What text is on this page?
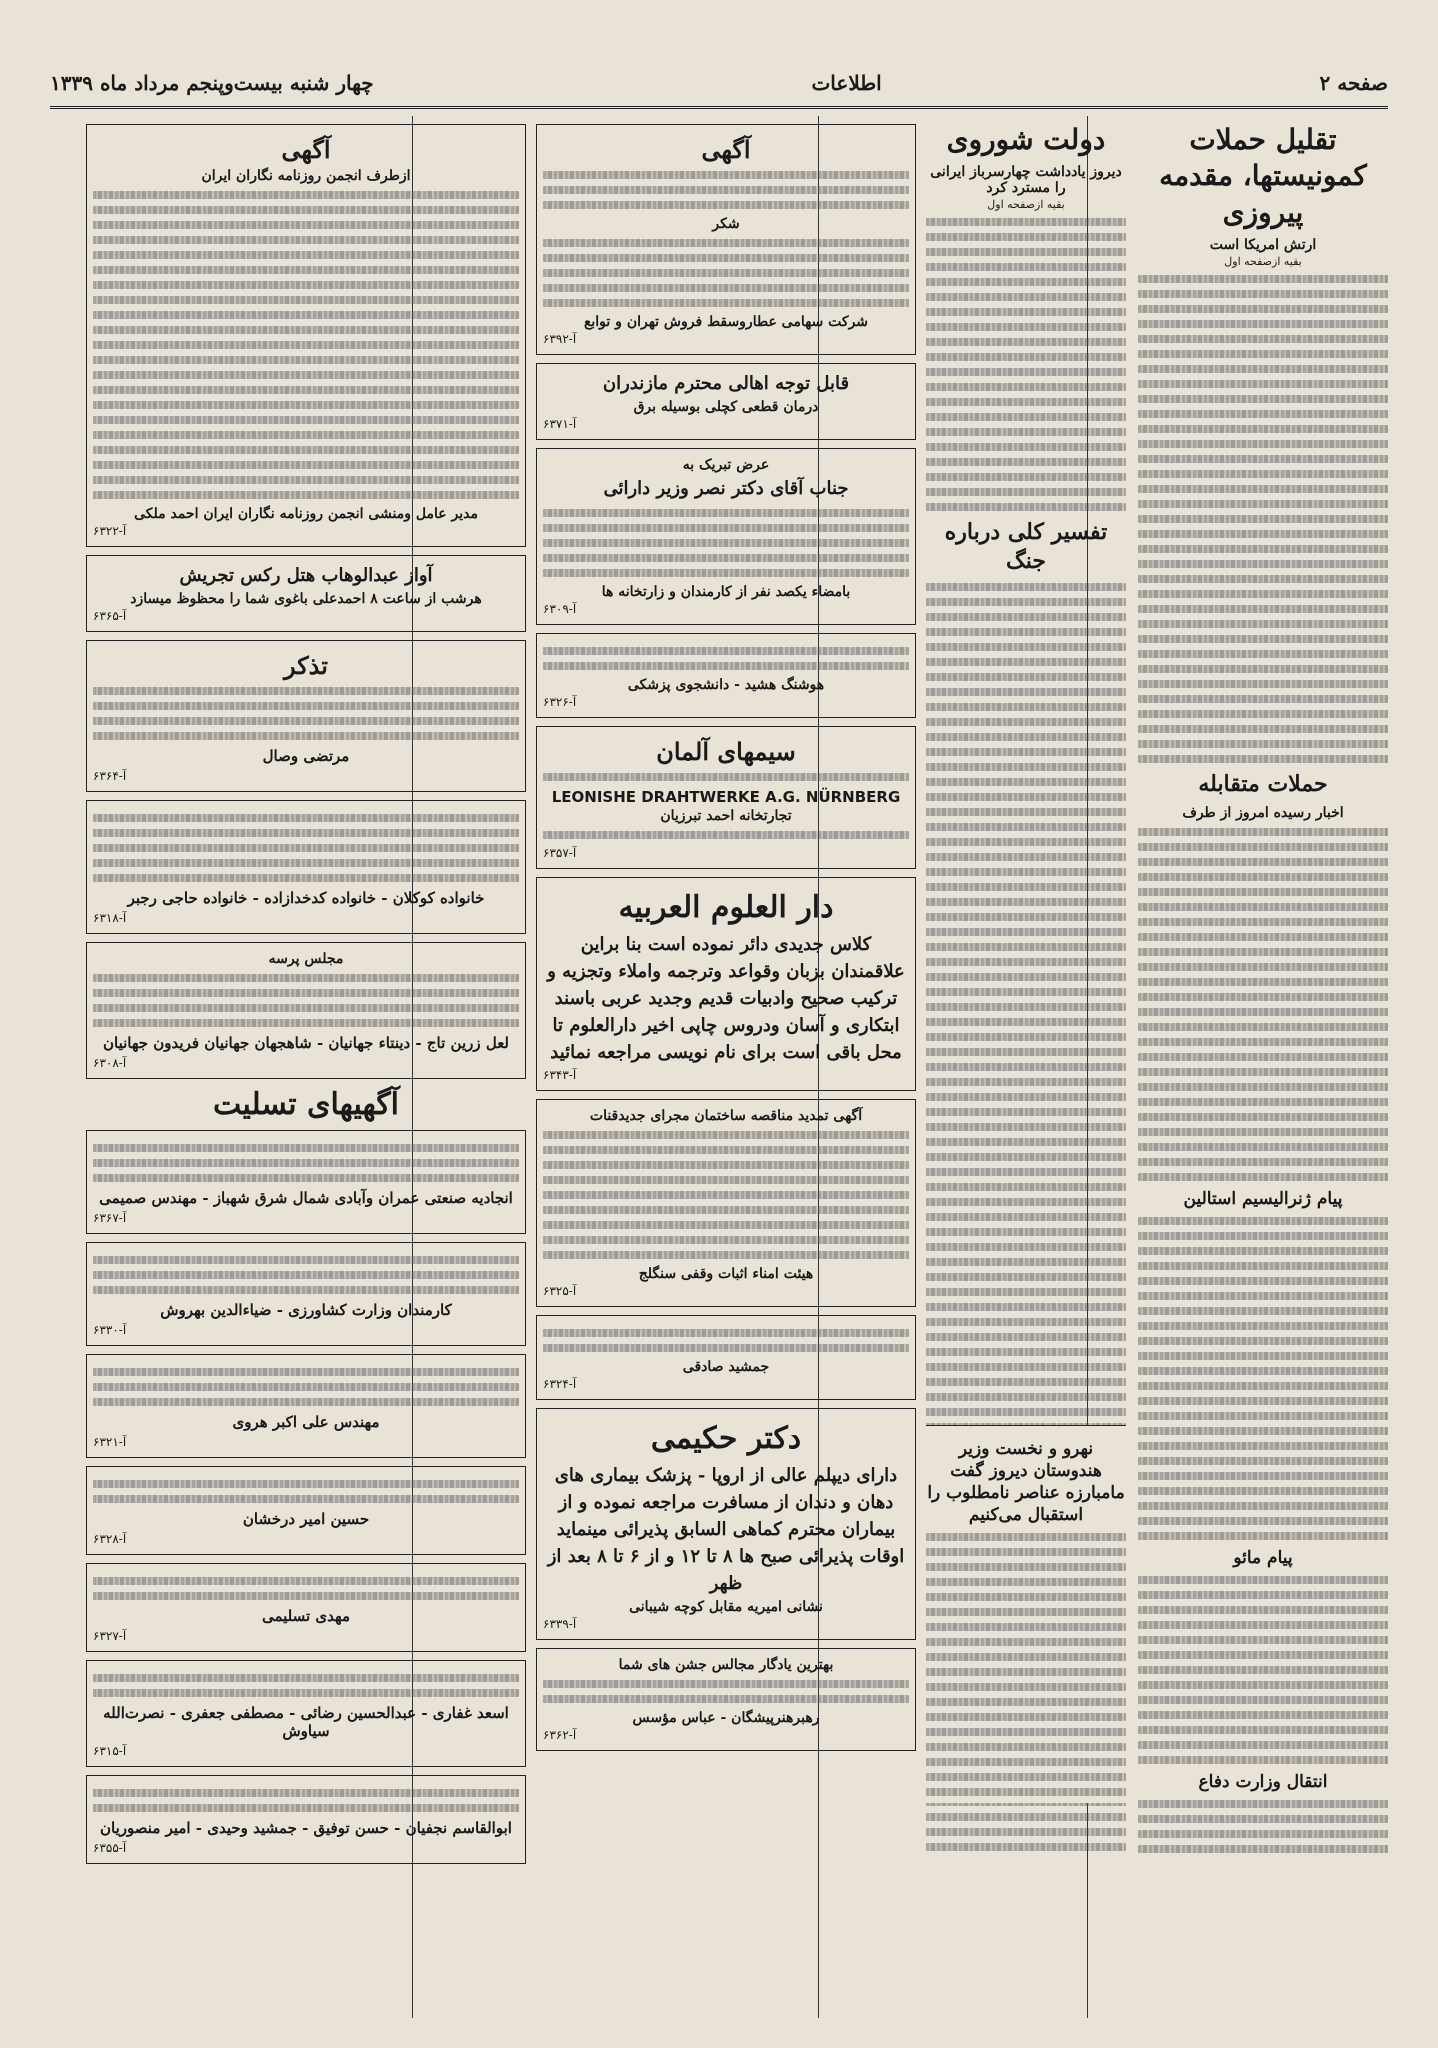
صفحه ۲
اطلاعات
چهار شنبه بیست‌وپنجم مرداد ماه ۱۳۳۹
تقلیل حملات کمونیستها، مقدمه پیروزی
ارتش امریکا است
بقیه ازصفحه اول
حملات متقابله
اخبار رسیده امروز از طرف
پیام ژنرالیسیم استالین
پیام مائو
انتقال وزارت دفاع
دولت شوروی
دیروز یادداشت چهارسرباز ایرانی را مسترد کرد
بقیه ازصفحه اول
تفسیر کلی درباره جنگ
نهرو و نخست وزیر هندوستان دیروز گفت مامبارزه عناصر نامطلوب را استقبال می‌کنیم
آگهی
شکر
شرکت سهامی عطاروسقط فروش تهران و توابع
آ-۶۳۹۲
قابل توجه اهالی محترم مازندران
درمان قطعی کچلی بوسیله برق
آ-۶۳۷۱
عرض تبریک به
جناب آقای دکتر نصر وزیر دارائی
بامضاء یکصد نفر از کارمندان و زارتخانه ها
آ-۶۳۰۹
هوشنگ هشید - دانشجوی پزشکی
آ-۶۳۲۶
سیمهای آلمان
LEONISHE DRAHTWERKE A.G. NÜRNBERG
تجارتخانه احمد تبرزیان
آ-۶۳۵۷
دار العلوم العربیه
کلاس جدیدی دائر نموده است بنا براین علاقمندان بزبان وقواعد وترجمه واملاء وتجزیه و ترکیب صحیح وادبیات قدیم وجدید عربی باسند ابتکاری و آسان ودروس چاپی اخیر دارالعلوم تا محل باقی است برای نام نویسی مراجعه نمائید
آ-۶۳۴۳
آگهی تمدید مناقصه ساختمان مجرای جدیدقنات
هیئت امناء اثبات وقفی سنگلج
آ-۶۳۲۵
جمشید صادقی
آ-۶۳۲۴
دکتر حکیمی
دارای دیپلم عالی از اروپا - پزشک بیماری های دهان و دندان از مسافرت مراجعه نموده و از بیماران محترم کماهی السابق پذیرائی مینماید اوقات پذیرائی صبح ها ۸ تا ۱۲ و از ۶ تا ۸ بعد از ظهر
نشانی امیریه مقابل کوچه شیبانی
آ-۶۳۳۹
بهترین یادگار مجالس جشن های شما
رهبرهنرپیشگان - عباس مؤسس
آ-۶۳۶۲
آگهی
ازطرف انجمن روزنامه نگاران ایران
مدیر عامل ومنشی انجمن روزنامه نگاران ایران احمد ملکی
آ-۶۳۲۲
آواز عبدالوهاب هتل رکس تجریش
هرشب از ساعت ۸ احمدعلی باغوی شما را محظوظ میسازد
آ-۶۳۶۵
تذکر
مرتضی وصال
آ-۶۳۶۴
خانواده کوکلان - خانواده کدخدازاده - خانواده حاجی رجبر
آ-۶۳۱۸
مجلس پرسه
لعل زرین تاج - دینتاء جهانیان - شاهجهان جهانیان فریدون جهانیان
آ-۶۳۰۸
آگهیهای تسلیت
انجادیه صنعتی عمران وآبادی شمال شرق شهباز - مهندس صمیمی
آ-۶۳۶۷
کارمندان وزارت کشاورزی - ضیاءالدین بهروش
آ-۶۳۳۰
مهندس علی اکبر هروی
آ-۶۳۲۱
حسین امیر درخشان
آ-۶۳۲۸
مهدی تسلیمی
آ-۶۳۲۷
اسعد غفاری - عبدالحسین رضائی - مصطفی جعفری - نصرت‌الله سیاوش
آ-۶۳۱۵
ابوالقاسم نجفیان - حسن توفیق - جمشید وحیدی - امیر منصوریان
آ-۶۳۵۵
